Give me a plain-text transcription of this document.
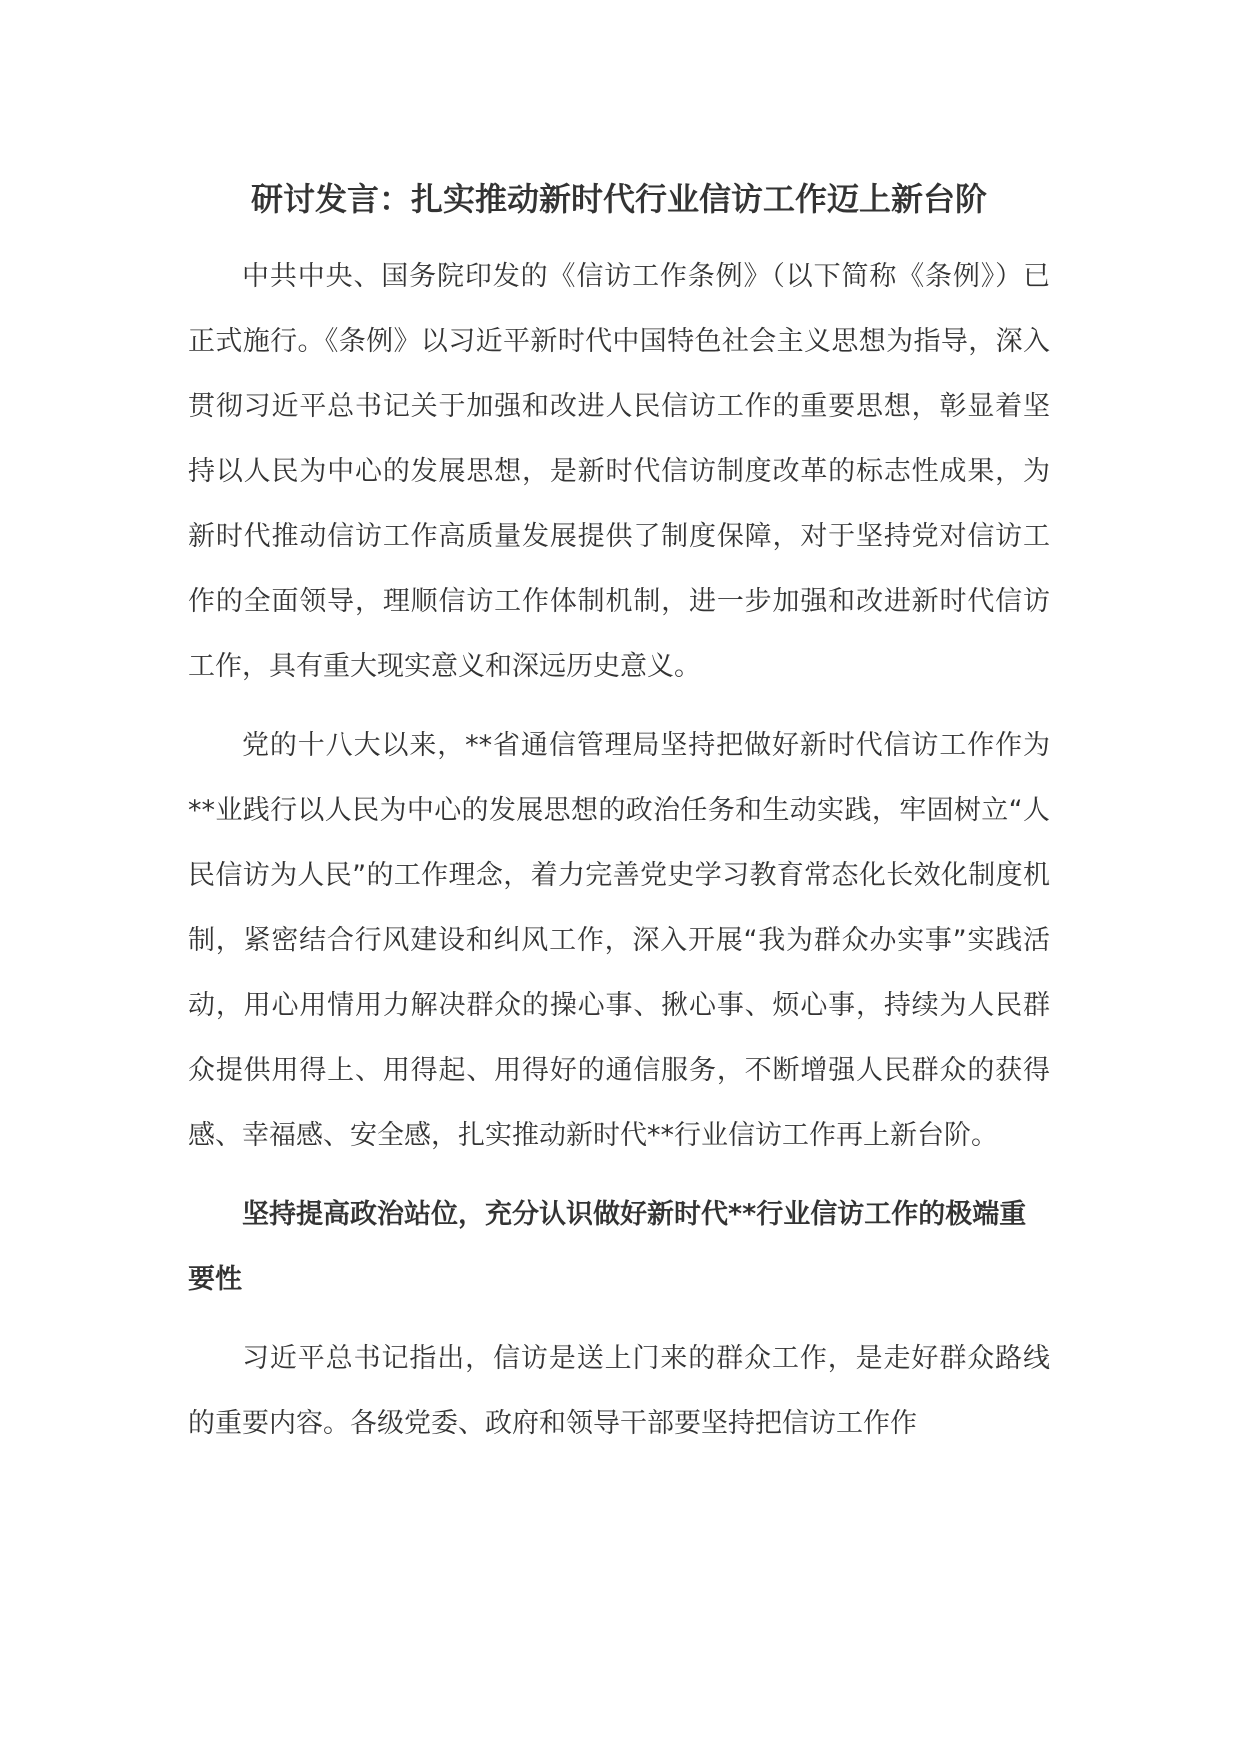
研讨发言：扎实推动新时代行业信访工作迈上新台阶

中共中央、国务院印发的《信访工作条例》（以下简称《条例》）已正式施行。《条例》以习近平新时代中国特色社会主义思想为指导，深入贯彻习近平总书记关于加强和改进人民信访工作的重要思想，彰显着坚持以人民为中心的发展思想，是新时代信访制度改革的标志性成果，为新时代推动信访工作高质量发展提供了制度保障，对于坚持党对信访工作的全面领导，理顺信访工作体制机制，进一步加强和改进新时代信访工作，具有重大现实意义和深远历史意义。

党的十八大以来，**省通信管理局坚持把做好新时代信访工作作为**业践行以人民为中心的发展思想的政治任务和生动实践，牢固树立“人民信访为人民”的工作理念，着力完善党史学习教育常态化长效化制度机制，紧密结合行风建设和纠风工作，深入开展“我为群众办实事”实践活动，用心用情用力解决群众的操心事、揪心事、烦心事，持续为人民群众提供用得上、用得起、用得好的通信服务，不断增强人民群众的获得感、幸福感、安全感，扎实推动新时代**行业信访工作再上新台阶。

坚持提高政治站位，充分认识做好新时代**行业信访工作的极端重要性

习近平总书记指出，信访是送上门来的群众工作，是走好群众路线的重要内容。各级党委、政府和领导干部要坚持把信访工作作
